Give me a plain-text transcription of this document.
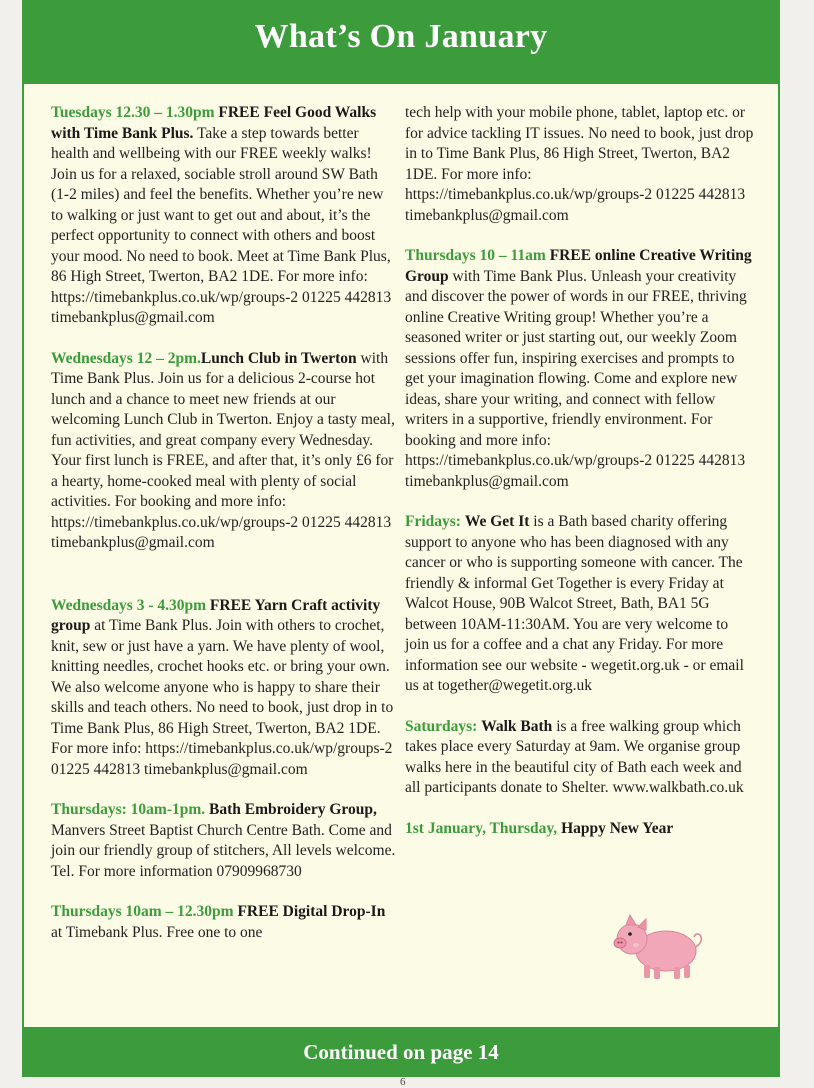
What’s On January
Tuesdays 12.30 – 1.30pm FREE Feel Good Walks with Time Bank Plus. Take a step towards better health and wellbeing with our FREE weekly walks! Join us for a relaxed, sociable stroll around SW Bath (1-2 miles) and feel the benefits. Whether you’re new to walking or just want to get out and about, it’s the perfect opportunity to connect with others and boost your mood. No need to book. Meet at Time Bank Plus, 86 High Street, Twerton, BA2 1DE. For more info: https://timebankplus.co.uk/wp/groups-2 01225 442813 timebankplus@gmail.com
Wednesdays 12 – 2pm.Lunch Club in Twerton with Time Bank Plus. Join us for a delicious 2-course hot lunch and a chance to meet new friends at our welcoming Lunch Club in Twerton. Enjoy a tasty meal, fun activities, and great company every Wednesday. Your first lunch is FREE, and after that, it’s only £6 for a hearty, home-cooked meal with plenty of social activities. For booking and more info: https://timebankplus.co.uk/wp/groups-2 01225 442813 timebankplus@gmail.com
Wednesdays 3 - 4.30pm FREE Yarn Craft activity group at Time Bank Plus. Join with others to crochet, knit, sew or just have a yarn. We have plenty of wool, knitting needles, crochet hooks etc. or bring your own. We also welcome anyone who is happy to share their skills and teach others. No need to book, just drop in to Time Bank Plus, 86 High Street, Twerton, BA2 1DE. For more info: https://timebankplus.co.uk/wp/groups-2 01225 442813 timebankplus@gmail.com
Thursdays: 10am-1pm. Bath Embroidery Group, Manvers Street Baptist Church Centre Bath. Come and join our friendly group of stitchers, All levels welcome. Tel. For more information 07909968730
Thursdays 10am – 12.30pm FREE Digital Drop-In at Timebank Plus. Free one to one
tech help with your mobile phone, tablet, laptop etc. or for advice tackling IT issues. No need to book, just drop in to Time Bank Plus, 86 High Street, Twerton, BA2 1DE. For more info: https://timebankplus.co.uk/wp/groups-2 01225 442813 timebankplus@gmail.com
Thursdays 10 – 11am FREE online Creative Writing Group with Time Bank Plus. Unleash your creativity and discover the power of words in our FREE, thriving online Creative Writing group! Whether you’re a seasoned writer or just starting out, our weekly Zoom sessions offer fun, inspiring exercises and prompts to get your imagination flowing. Come and explore new ideas, share your writing, and connect with fellow writers in a supportive, friendly environment. For booking and more info: https://timebankplus.co.uk/wp/groups-2 01225 442813 timebankplus@gmail.com
Fridays: We Get It is a Bath based charity offering support to anyone who has been diagnosed with any cancer or who is supporting someone with cancer. The friendly & informal Get Together is every Friday at Walcot House, 90B Walcot Street, Bath, BA1 5G between 10AM-11:30AM. You are very welcome to join us for a coffee and a chat any Friday. For more information see our website - wegetit.org.uk - or email us at together@wegetit.org.uk
Saturdays: Walk Bath is a free walking group which takes place every Saturday at 9am. We organise group walks here in the beautiful city of Bath each week and all participants donate to Shelter. www.walkbath.co.uk
1st January, Thursday, Happy New Year
Continued on page 14
6
